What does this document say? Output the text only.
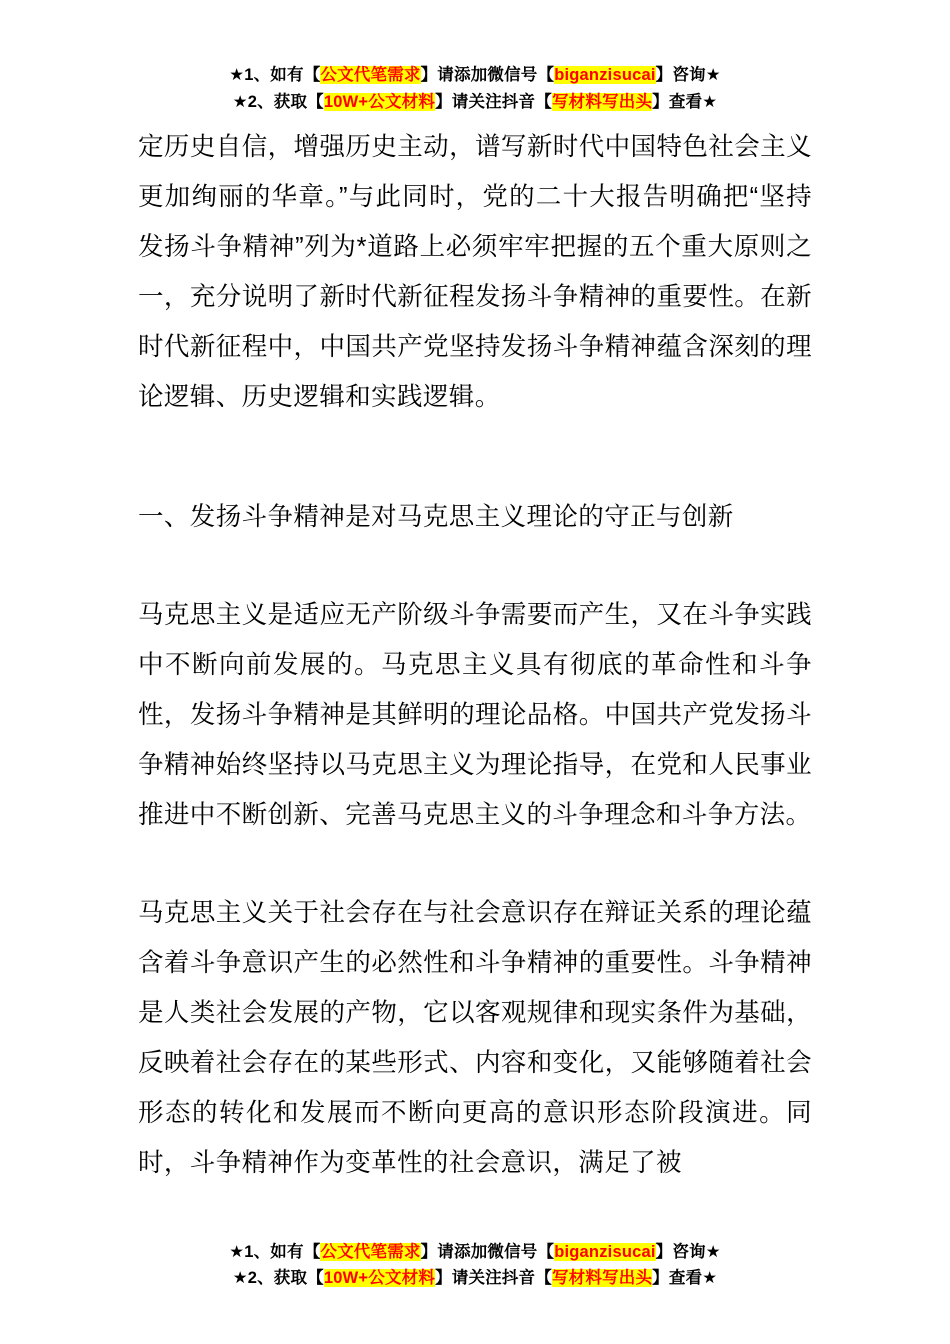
★1、如有【公文代笔需求】请添加微信号【biganzisucai】咨询★
★2、获取【10W+公文材料】请关注抖音【写材料写出头】查看★

定历史自信，增强历史主动，谱写新时代中国特色社会主义更加绚丽的华章。”与此同时，党的二十大报告明确把“坚持发扬斗争精神”列为*道路上必须牢牢把握的五个重大原则之一，充分说明了新时代新征程发扬斗争精神的重要性。在新时代新征程中，中国共产党坚持发扬斗争精神蕴含深刻的理论逻辑、历史逻辑和实践逻辑。

一、发扬斗争精神是对马克思主义理论的守正与创新

马克思主义是适应无产阶级斗争需要而产生，又在斗争实践中不断向前发展的。马克思主义具有彻底的革命性和斗争性，发扬斗争精神是其鲜明的理论品格。中国共产党发扬斗争精神始终坚持以马克思主义为理论指导，在党和人民事业推进中不断创新、完善马克思主义的斗争理念和斗争方法。

马克思主义关于社会存在与社会意识存在辩证关系的理论蕴含着斗争意识产生的必然性和斗争精神的重要性。斗争精神是人类社会发展的产物，它以客观规律和现实条件为基础，反映着社会存在的某些形式、内容和变化，又能够随着社会形态的转化和发展而不断向更高的意识形态阶段演进。同时，斗争精神作为变革性的社会意识，满足了被

★1、如有【公文代笔需求】请添加微信号【biganzisucai】咨询★
★2、获取【10W+公文材料】请关注抖音【写材料写出头】查看★
